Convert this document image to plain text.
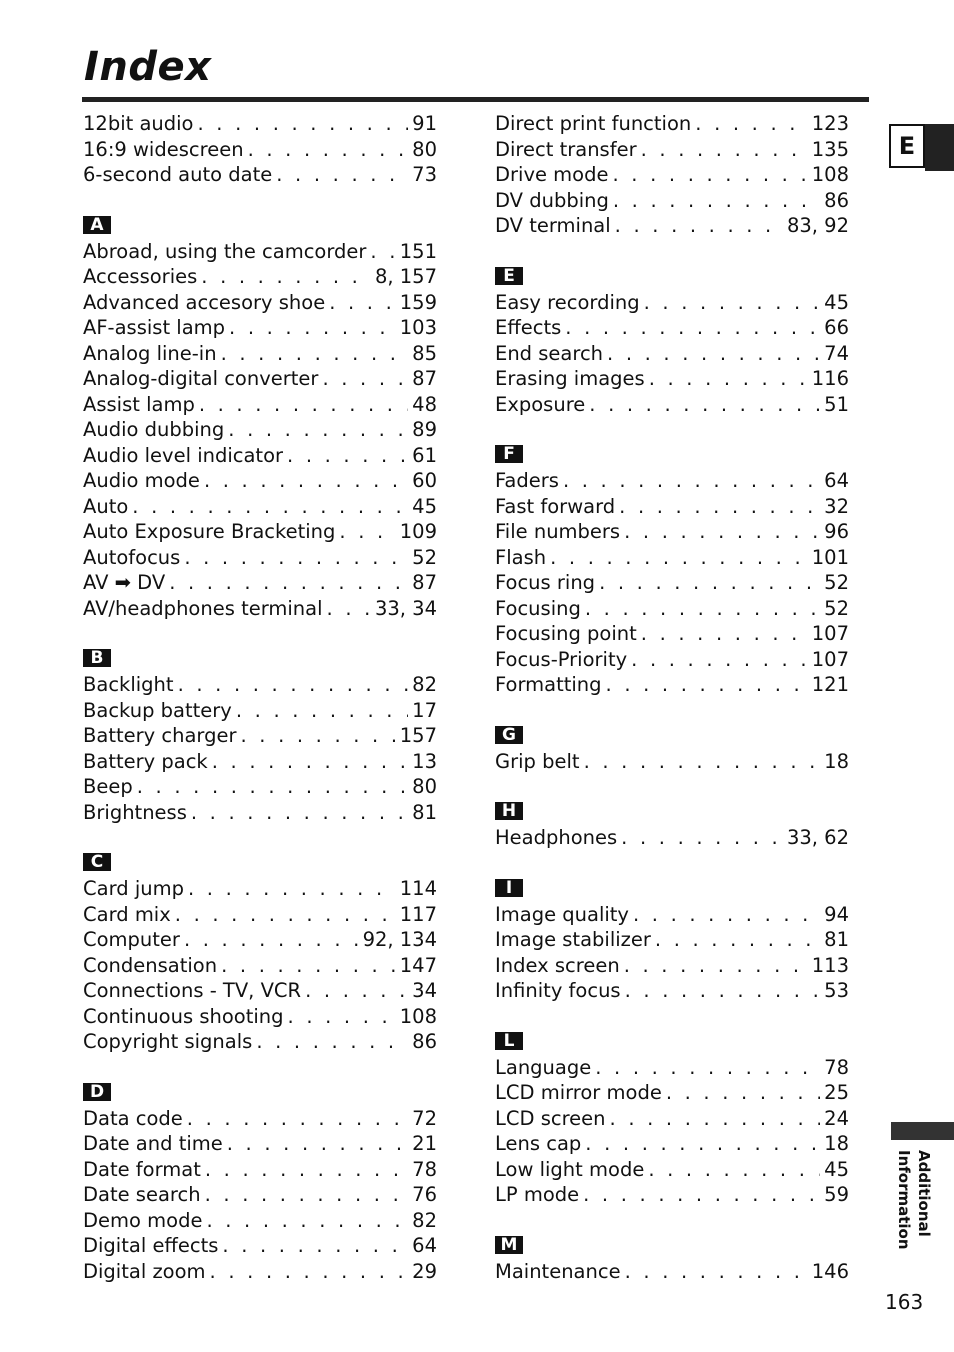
Index
12bit audio . . .	91
16:9 widescreen . . .	80
6-second auto date . . .	73
A
Abroad, using the camcorder . . . 151
Accessories . . .	8, 157
Advanced accesory shoe . . .	159
AF-assist lamp . . .	103
Analog line-in . . .	85
Analog-digital converter . . .	87
Assist lamp . . .	48
Audio dubbing . . .	89
Audio level indicator . . .	61
Audio mode . . .	60
Auto . . .	45
Auto Exposure Bracketing . . .	109
Autofocus . . .	52
AV ➡ DV . . .	87
AV/headphones terminal . . .	33, 34
B
Backlight . . .	82
Backup battery . . .	17
Battery charger . . .	157
Battery pack . . .	13
Beep . . .	80
Brightness . . .	81
C
Card jump . . .	114
Card mix . . .	117
Computer . . .	92, 134
Condensation . . .	147
Connections - TV, VCR . . .	34
Continuous shooting . . .	108
Copyright signals . . .	86
D
Data code . . .	72
Date and time . . .	21
Date format . . .	78
Date search . . .	76
Demo mode . . .	82
Digital effects . . .	64
Digital zoom . . .	29
Direct print function . . .	123
Direct transfer . . .	135
Drive mode . . .	108
DV dubbing . . .	86
DV terminal . . .	83, 92
E
Easy recording . . .	45
Effects . . .	66
End search . . .	74
Erasing images . . .	116
Exposure . . .	51
F
Faders . . .	64
Fast forward . . .	32
File numbers . . .	96
Flash . . .	101
Focus ring . . .	52
Focusing . . .	52
Focusing point . . .	107
Focus-Priority . . .	107
Formatting . . .	121
G
Grip belt . . .	18
H
Headphones . . .	33, 62
I
Image quality . . .	94
Image stabilizer . . .	81
Index screen . . .	113
Infinity focus . . .	53
L
Language . . .	78
LCD mirror mode . . .	25
LCD screen . . .	24
Lens cap . . .	18
Low light mode . . .	45
LP mode . . .	59
M
Maintenance . . .	146
E
Additional
Information
163
